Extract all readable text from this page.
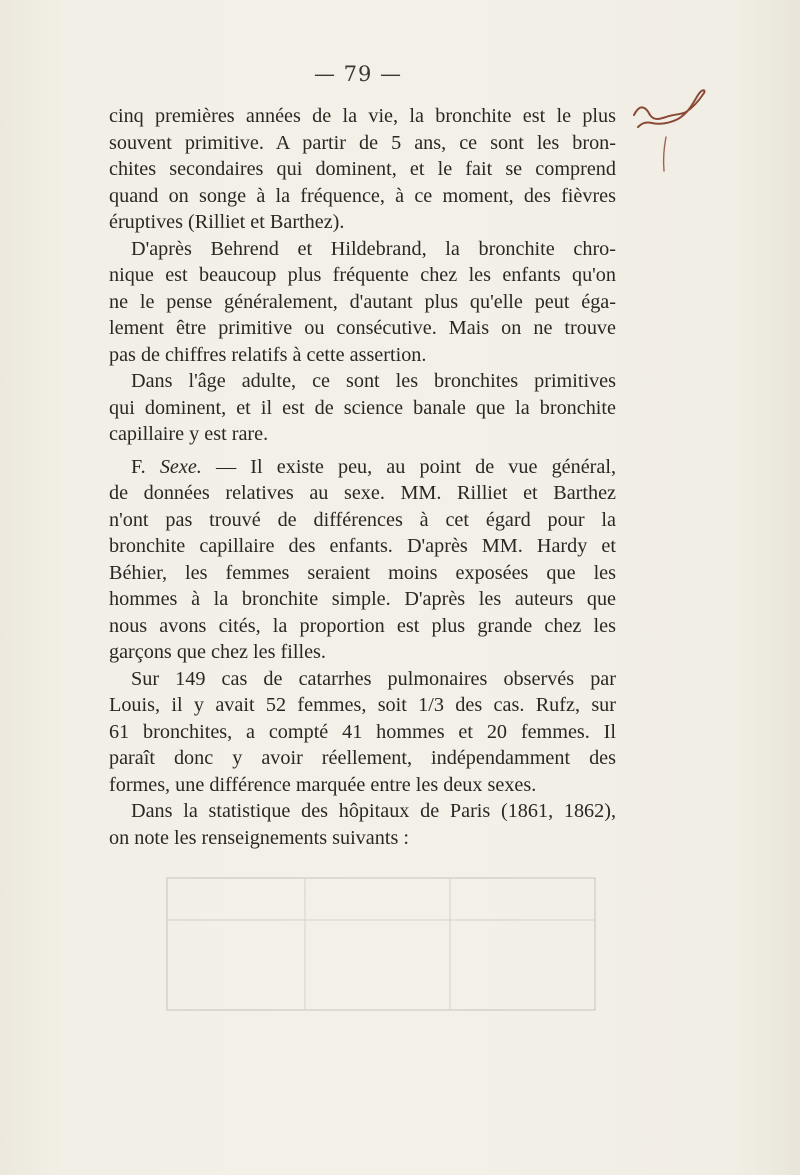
— 79 —
cinq premières années de la vie, la bronchite est le plus
souvent primitive. A partir de 5 ans, ce sont les bron-
chites secondaires qui dominent, et le fait se comprend
quand on songe à la fréquence, à ce moment, des fièvres
éruptives (Rilliet et Barthez).
D'après Behrend et Hildebrand, la bronchite chro-
nique est beaucoup plus fréquente chez les enfants qu'on
ne le pense généralement, d'autant plus qu'elle peut éga-
lement être primitive ou consécutive. Mais on ne trouve
pas de chiffres relatifs à cette assertion.
Dans l'âge adulte, ce sont les bronchites primitives
qui dominent, et il est de science banale que la bronchite
capillaire y est rare.
F. Sexe. — Il existe peu, au point de vue général,
de données relatives au sexe. MM. Rilliet et Barthez
n'ont pas trouvé de différences à cet égard pour la
bronchite capillaire des enfants. D'après MM. Hardy et
Béhier, les femmes seraient moins exposées que les
hommes à la bronchite simple. D'après les auteurs que
nous avons cités, la proportion est plus grande chez les
garçons que chez les filles.
Sur 149 cas de catarrhes pulmonaires observés par
Louis, il y avait 52 femmes, soit 1/3 des cas. Rufz, sur
61 bronchites, a compté 41 hommes et 20 femmes. Il
paraît donc y avoir réellement, indépendamment des
formes, une différence marquée entre les deux sexes.
Dans la statistique des hôpitaux de Paris (1861, 1862),
on note les renseignements suivants :
